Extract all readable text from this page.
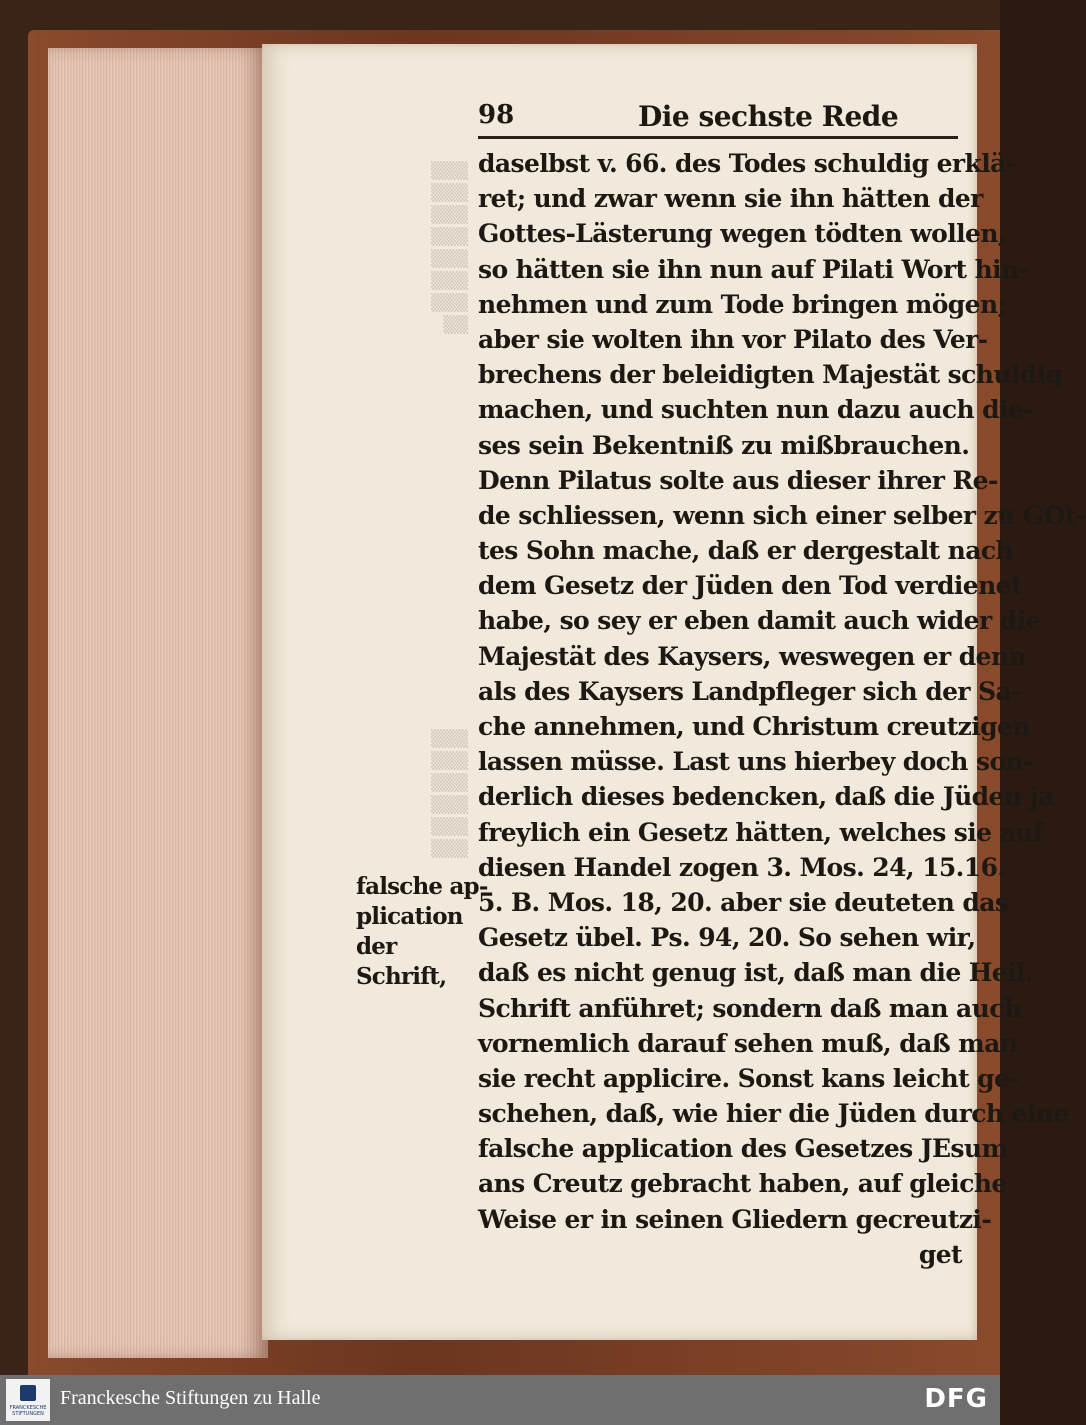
▒▒▒
▒▒▒
▒▒▒
▒▒▒
▒▒▒
▒▒▒
▒▒▒
▒▒
▒▒▒
▒▒▒
▒▒▒
▒▒▒
▒▒▒
▒▒▒
98	Die sechste Rede
daselbst v. 66. des Todes schuldig erklä-
ret; und zwar wenn sie ihn hätten der
Gottes-Lästerung wegen tödten wollen,
so hätten sie ihn nun auf Pilati Wort hin-
nehmen und zum Tode bringen mögen;
aber sie wolten ihn vor Pilato des Ver-
brechens der beleidigten Majestät schuldig
machen, und suchten nun dazu auch die-
ses sein Bekentniß zu mißbrauchen.
Denn Pilatus solte aus dieser ihrer Re-
de schliessen, wenn sich einer selber zu GOt-
tes Sohn mache, daß er dergestalt nach
dem Gesetz der Jüden den Tod verdienet
habe, so sey er eben damit auch wider die
Majestät des Kaysers, weswegen er denn
als des Kaysers Landpfleger sich der Sa-
che annehmen, und Christum creutzigen
lassen müsse. Last uns hierbey doch son-
derlich dieses bedencken, daß die Jüden ja
freylich ein Gesetz hätten, welches sie auf
diesen Handel zogen 3. Mos. 24, 15.16.
5. B. Mos. 18, 20. aber sie deuteten das
Gesetz übel. Ps. 94, 20. So sehen wir,
daß es nicht genug ist, daß man die Heil.
Schrift anführet; sondern daß man auch
vornemlich darauf sehen muß, daß man
sie recht applicire. Sonst kans leicht ge-
schehen, daß, wie hier die Jüden durch eine
falsche application des Gesetzes JEsum
ans Creutz gebracht haben, auf gleiche
Weise er in seinen Gliedern gecreutzi-
get
falsche ap-
plication
der
Schrift,
FRANCKESCHE STIFTUNGEN
Franckesche Stiftungen zu Halle	DFG
